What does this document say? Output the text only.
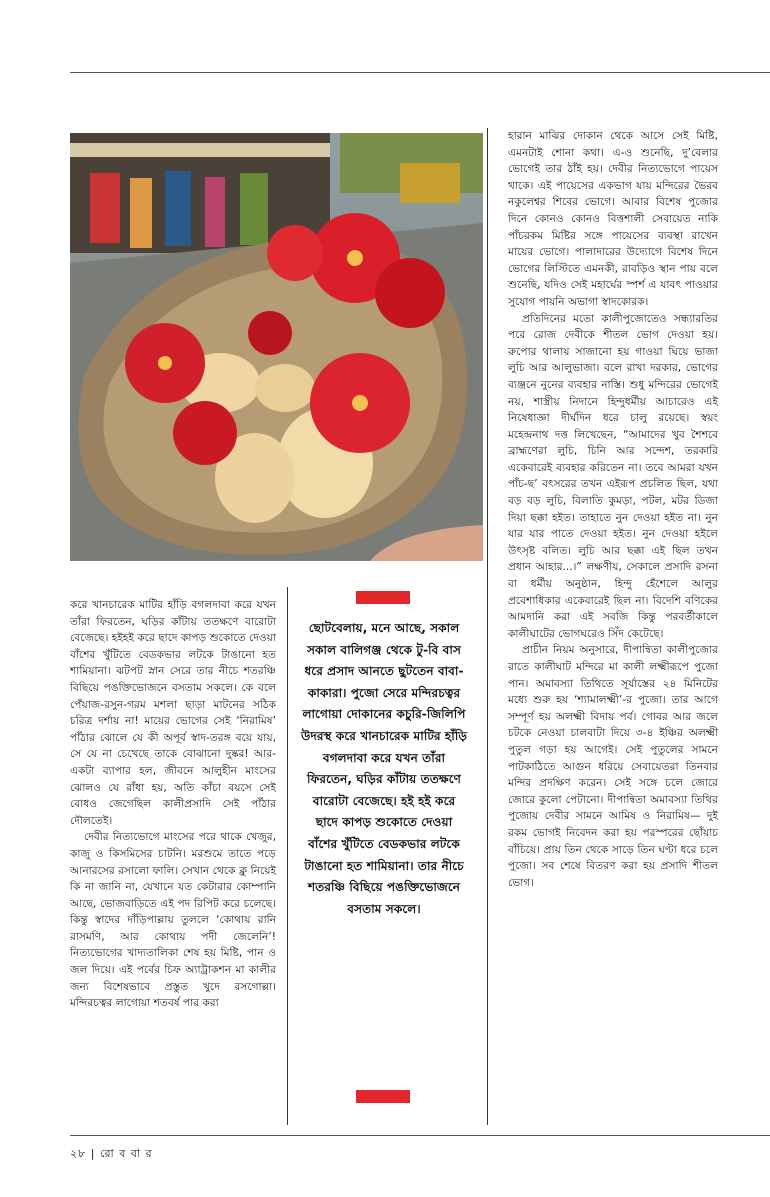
করে খানচারেক মাটির হাঁড়ি বগলদাবা করে যখন তাঁরা ফিরতেন, ঘড়ির কাঁটায় ততক্ষণে বারোটা বেজেছে। হইহই করে ছাদে কাপড় শুকোতে দেওয়া বাঁশের খুঁটিতে বেডকভার লটকে টাঙানো হত শামিয়ানা। ঝটপট স্নান সেরে তার নীচে শতরঞ্চি বিছিয়ে পঙক্তিভোজনে বসতাম সকলে। কে বলে পেঁয়াজ-রসুন-গরম মশলা ছাড়া মাটনের সঠিক চরিত্র দর্শায় না! মায়ের ভোগের সেই ‘নিরামিষ’ পাঁঠার ঝোলে যে কী অপূর্ব স্বাদ-তরঙ্গ বয়ে যায়, সে যে না চেখেছে তাকে বোঝানো দুষ্কর! আর-একটা ব্যাপার হল, জীবনে আলুহীন মাংসের ঝোলও যে রাঁধা হয়, অতি কাঁচা বয়সে সেই বোধও জেগেছিল কালীপ্রসাদি সেই পাঁঠার দৌলতেই।

দেবীর নিত্যভোগে মাংসের পরে থাকে খেজুর, কাজু ও কিসমিসের চাটনি। মরশুমে তাতে পড়ে আনারসের রসালো ফালি। সেখান থেকে ক্লু নিয়েই কি না জানি না, যেখানে যত কেটারার কোম্পানি আছে, ভোজবাড়িতে এই পদ রিপিট করে চলেছে। কিন্তু স্বাদের দাঁড়িপাল্লায় তুললে ‘কোথায় রানি রাসমণি, আর কোথায় পদী জেলেনি’! নিত্যভোগের খাদ্যতালিকা শেষ হয় মিষ্টি, পান ও জল দিয়ে। এই পর্বের চিফ অ্যাট্রাকশন মা কালীর জন্য বিশেষভাবে প্রস্তুত খুদে রসগোল্লা। মন্দিরচত্বর লাগোয়া শতবর্ষ পার করা

ছোটবেলায়, মনে আছে, সকাল সকাল বালিগঞ্জ থেকে টু-বি বাস ধরে প্রসাদ আনতে ছুটতেন বাবা-কাকারা। পুজো সেরে মন্দিরচত্বর লাগোয়া দোকানের কচুরি-জিলিপি উদরস্থ করে খানচারেক মাটির হাঁড়ি বগলদাবা করে যখন তাঁরা ফিরতেন, ঘড়ির কাঁটায় ততক্ষণে বারোটা বেজেছে। হই হই করে ছাদে কাপড় শুকোতে দেওয়া বাঁশের খুঁটিতে বেডকভার লটকে টাঙানো হত শামিয়ানা। তার নীচে শতরঞ্চি বিছিয়ে পঙক্তিভোজনে বসতাম সকলে।

হারান মাঝির দোকান থেকে আসে সেই মিষ্টি, এমনটাই শোনা কথা। এ-ও শুনেছি, দু’বেলার ভোগেই তার ঠাঁই হয়। দেবীর নিত্যভোগে পায়েস থাকে। এই পায়েসের একভাগ যায় মন্দিরের ভৈরব নকুলেশ্বর শিবের ভোগে। আবার বিশেষ পুজোর দিনে কোনও কোনও বিত্তশালী সেবায়েত নাকি পাঁচরকম মিষ্টির সঙ্গে পায়েসের ব্যবস্থা রাখেন মায়ের ভোগে। পালাদারের উদ্যোগে বিশেষ দিনে ভোগের লিস্টিতে এমনকী, রাবড়িও স্থান পায় বলে শুনেছি, যদিও সেই মহার্ঘের স্পর্শ এ যাবৎ পাওয়ার সুযোগ পায়নি অভাগা স্বাদকোরক।

প্রতিদিনের মতো কালীপুজোতেও সন্ধ্যারতির পরে রোজ দেবীকে শীতল ভোগ দেওয়া হয়। রুপোর থালায় সাজানো হয় গাওয়া ঘিয়ে ভাজা লুচি আর আলুভাজা। বলে রাখা দরকার, ভোগের ব্যঞ্জনে নুনের ব্যবহার নাস্তি। শুধু মন্দিরের ভোগেই নয়, শাস্ত্রীয় নিদানে হিন্দুধর্মীয় আচারেও এই নিষেধাজ্ঞা দীর্ঘদিন ধরে চালু রয়েছে। স্বয়ং মহেন্দ্রনাথ দত্ত লিখেছেন, “আমাদের খুব শৈশবে ব্রাহ্মণেরা লুচি, চিনি আর সন্দেশ, তরকারি একেবারেই ব্যবহার করিতেন না। তবে আমরা যখন পাঁচ-ছ’ বৎসরের তখন এইরূপ প্রচলিত ছিল, যথা বড় বড় লুচি, বিলাতি কুমড়া, পটল, মটর ডিজা দিয়া ছক্কা হইত। তাহাতে নুন দেওয়া হইত না। নুন যার যার পাতে দেওয়া হইত। নুন দেওয়া হইলে উৎসৃষ্ট বলিত। লুচি আর ছক্কা এই ছিল তখন প্রধান আহার...।” লক্ষণীয়, সেকালে প্রসাদি রসনা বা ধর্মীয় অনুষ্ঠান, হিন্দু হেঁশেলে আলুর প্রবেশাধিকার একেবারেই ছিল না। বিদেশি বণিকের আমদানি করা এই সবজি কিন্তু পরবর্তীকালে কালীঘাটের ভোগঘরেও সিঁদ কেটেছে।

প্রাচীন নিয়ম অনুসারে, দীপান্বিতা কালীপুজোর রাতে কালীঘাট মন্দিরে মা কালী লক্ষ্মীরূপে পুজো পান। অমাবস্যা তিথিতে সূর্যাস্তের ২৪ মিনিটের মধ্যে শুরু হয় ‘শ্যামালক্ষ্মী’-র পুজো। তার আগে সম্পূর্ণ হয় অলক্ষ্মী বিদায় পর্ব। গোবর আর জলে চটকে নেওয়া চালবাটা দিয়ে ৩-৪ ইঞ্চির অলক্ষ্মী পুতুল গড়া হয় আগেই। সেই পুতুলের সামনে পাটকাঠিতে আগুন ধরিয়ে সেবায়েতরা তিনবার মন্দির প্রদক্ষিণ করেন। সেই সঙ্গে চলে জোরে জোরে কুলো পেটানো। দীপান্বিতা অমাবস্যা তিথির পুজোয় দেবীর সামনে আমিষ ও নিরামিষ— দুই রকম ভোগই নিবেদন করা হয় পরস্পরের ছোঁয়াচ বাঁচিয়ে। প্রায় তিন থেকে সাড়ে তিন ঘণ্টা ধরে চলে পুজো। সব শেষে বিতরণ করা হয় প্রসাদি শীতল ভোগ।

২৮ | রো ব বা র
